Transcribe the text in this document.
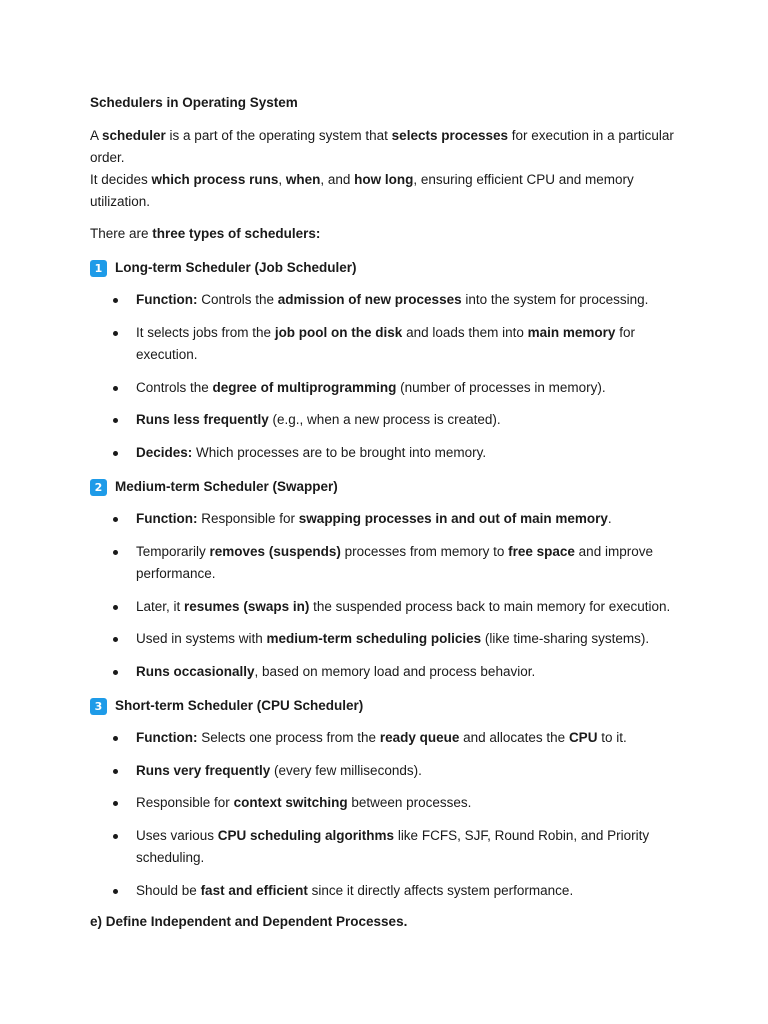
Schedulers in Operating System
A scheduler is a part of the operating system that selects processes for execution in a particular order.
It decides which process runs, when, and how long, ensuring efficient CPU and memory utilization.
There are three types of schedulers:
1 Long-term Scheduler (Job Scheduler)
Function: Controls the admission of new processes into the system for processing.
It selects jobs from the job pool on the disk and loads them into main memory for execution.
Controls the degree of multiprogramming (number of processes in memory).
Runs less frequently (e.g., when a new process is created).
Decides: Which processes are to be brought into memory.
2 Medium-term Scheduler (Swapper)
Function: Responsible for swapping processes in and out of main memory.
Temporarily removes (suspends) processes from memory to free space and improve performance.
Later, it resumes (swaps in) the suspended process back to main memory for execution.
Used in systems with medium-term scheduling policies (like time-sharing systems).
Runs occasionally, based on memory load and process behavior.
3 Short-term Scheduler (CPU Scheduler)
Function: Selects one process from the ready queue and allocates the CPU to it.
Runs very frequently (every few milliseconds).
Responsible for context switching between processes.
Uses various CPU scheduling algorithms like FCFS, SJF, Round Robin, and Priority scheduling.
Should be fast and efficient since it directly affects system performance.
e) Define Independent and Dependent Processes.
